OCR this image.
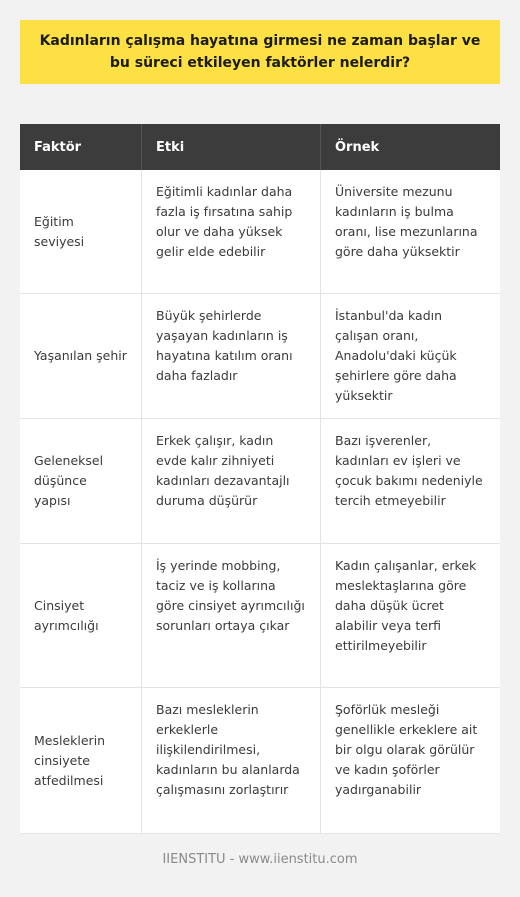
Kadınların çalışma hayatına girmesi ne zaman başlar ve bu süreci etkileyen faktörler nelerdir?
Faktör	Etki	Örnek
Eğitim seviyesi	Eğitimli kadınlar daha fazla iş fırsatına sahip olur ve daha yüksek gelir elde edebilir	Üniversite mezunu kadınların iş bulma oranı, lise mezunlarına göre daha yüksektir
Yaşanılan şehir	Büyük şehirlerde yaşayan kadınların iş hayatına katılım oranı daha fazladır	İstanbul'da kadın çalışan oranı, Anadolu'daki küçük şehirlere göre daha yüksektir
Geleneksel düşünce yapısı	Erkek çalışır, kadın evde kalır zihniyeti kadınları dezavantajlı duruma düşürür	Bazı işverenler, kadınları ev işleri ve çocuk bakımı nedeniyle tercih etmeyebilir
Cinsiyet ayrımcılığı	İş yerinde mobbing, taciz ve iş kollarına göre cinsiyet ayrımcılığı sorunları ortaya çıkar	Kadın çalışanlar, erkek meslektaşlarına göre daha düşük ücret alabilir veya terfi ettirilmeyebilir
Mesleklerin cinsiyete atfedilmesi	Bazı mesleklerin erkeklerle ilişkilendirilmesi, kadınların bu alanlarda çalışmasını zorlaştırır	Şoförlük mesleği genellikle erkeklere ait bir olgu olarak görülür ve kadın şoförler yadırganabilir
IIENSTITU - www.iienstitu.com
